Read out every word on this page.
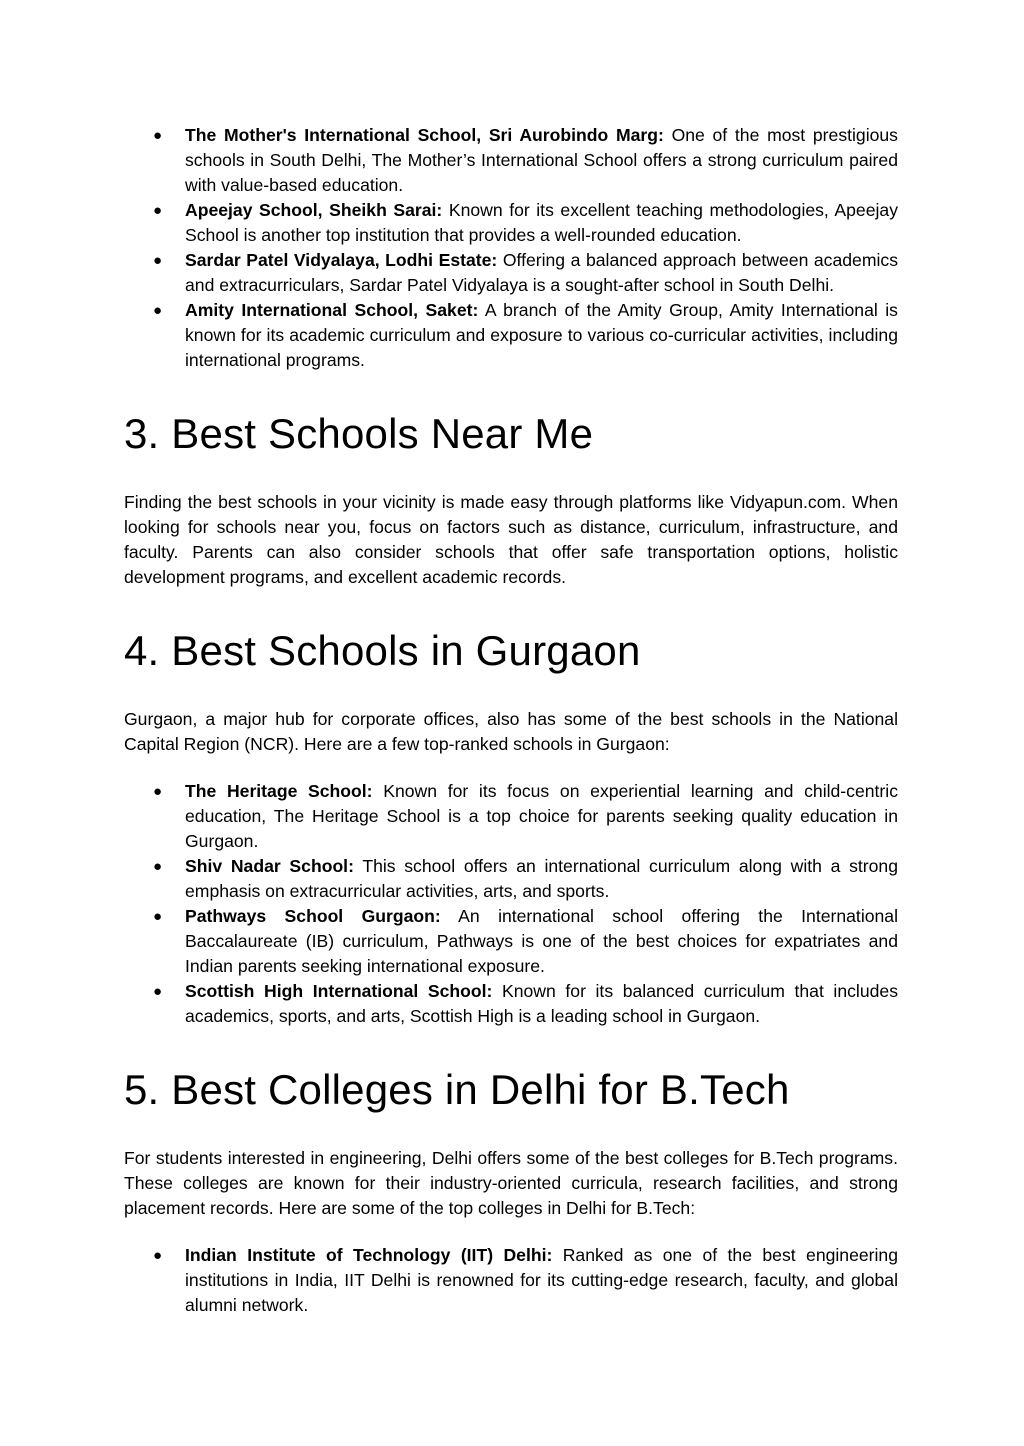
● The Mother's International School, Sri Aurobindo Marg: One of the most prestigious schools in South Delhi, The Mother’s International School offers a strong curriculum paired with value-based education.
● Apeejay School, Sheikh Sarai: Known for its excellent teaching methodologies, Apeejay School is another top institution that provides a well-rounded education.
● Sardar Patel Vidyalaya, Lodhi Estate: Offering a balanced approach between academics and extracurriculars, Sardar Patel Vidyalaya is a sought-after school in South Delhi.
● Amity International School, Saket: A branch of the Amity Group, Amity International is known for its academic curriculum and exposure to various co-curricular activities, including international programs.
3. Best Schools Near Me

Finding the best schools in your vicinity is made easy through platforms like Vidyapun.com. When looking for schools near you, focus on factors such as distance, curriculum, infrastructure, and faculty. Parents can also consider schools that offer safe transportation options, holistic development programs, and excellent academic records.

4. Best Schools in Gurgaon

Gurgaon, a major hub for corporate offices, also has some of the best schools in the National Capital Region (NCR). Here are a few top-ranked schools in Gurgaon:

● The Heritage School: Known for its focus on experiential learning and child-centric education, The Heritage School is a top choice for parents seeking quality education in Gurgaon.
● Shiv Nadar School: This school offers an international curriculum along with a strong emphasis on extracurricular activities, arts, and sports.
● Pathways School Gurgaon: An international school offering the International Baccalaureate (IB) curriculum, Pathways is one of the best choices for expatriates and Indian parents seeking international exposure.
● Scottish High International School: Known for its balanced curriculum that includes academics, sports, and arts, Scottish High is a leading school in Gurgaon.
5. Best Colleges in Delhi for B.Tech

For students interested in engineering, Delhi offers some of the best colleges for B.Tech programs. These colleges are known for their industry-oriented curricula, research facilities, and strong placement records. Here are some of the top colleges in Delhi for B.Tech:

● Indian Institute of Technology (IIT) Delhi: Ranked as one of the best engineering institutions in India, IIT Delhi is renowned for its cutting-edge research, faculty, and global alumni network.
